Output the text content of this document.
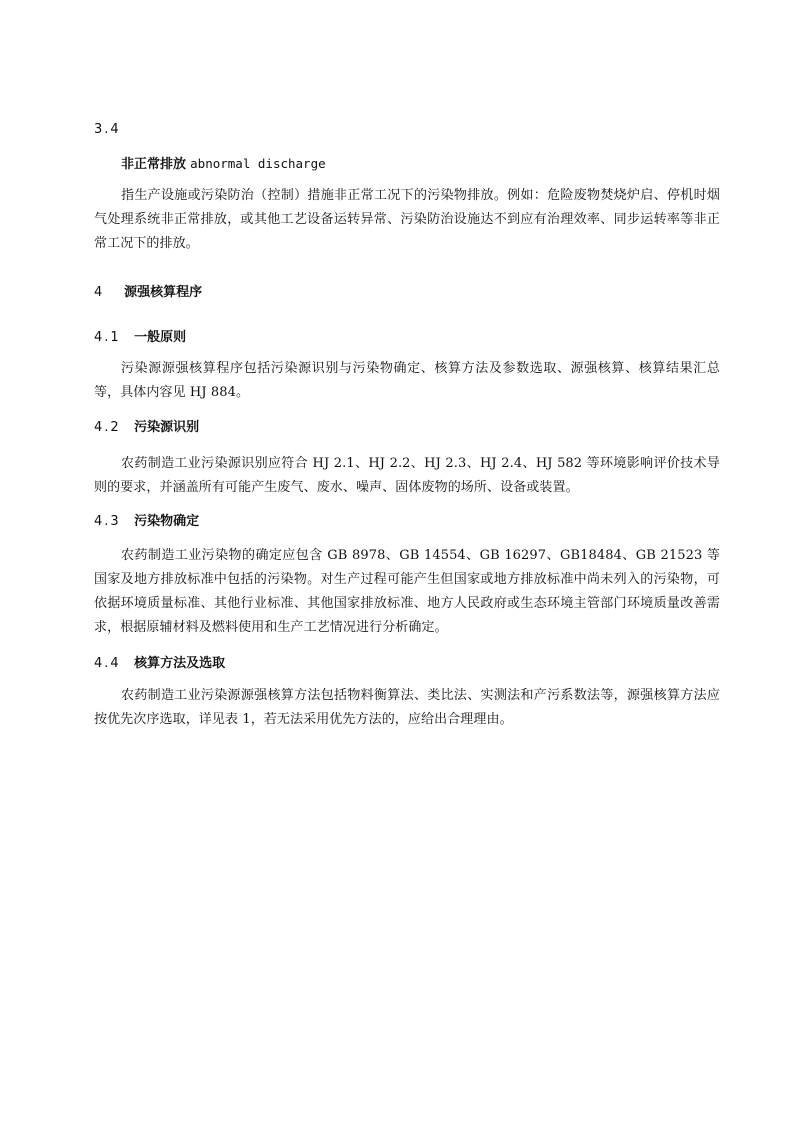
3.4
非正常排放 abnormal discharge

指生产设施或污染防治（控制）措施非正常工况下的污染物排放。例如：危险废物焚烧炉启、停机时烟气处理系统非正常排放，或其他工艺设备运转异常、污染防治设施达不到应有治理效率、同步运转率等非正常工况下的排放。

4 源强核算程序
4.1 一般原则

污染源源强核算程序包括污染源识别与污染物确定、核算方法及参数选取、源强核算、核算结果汇总等，具体内容见 HJ 884。

4.2 污染源识别

农药制造工业污染源识别应符合 HJ 2.1、HJ 2.2、HJ 2.3、HJ 2.4、HJ 582 等环境影响评价技术导则的要求，并涵盖所有可能产生废气、废水、噪声、固体废物的场所、设备或装置。

4.3 污染物确定

农药制造工业污染物的确定应包含 GB 8978、GB 14554、GB 16297、GB18484、GB 21523 等国家及地方排放标准中包括的污染物。对生产过程可能产生但国家或地方排放标准中尚未列入的污染物，可依据环境质量标准、其他行业标准、其他国家排放标准、地方人民政府或生态环境主管部门环境质量改善需求，根据原辅材料及燃料使用和生产工艺情况进行分析确定。

4.4 核算方法及选取

农药制造工业污染源源强核算方法包括物料衡算法、类比法、实测法和产污系数法等，源强核算方法应按优先次序选取，详见表 1，若无法采用优先方法的，应给出合理理由。
